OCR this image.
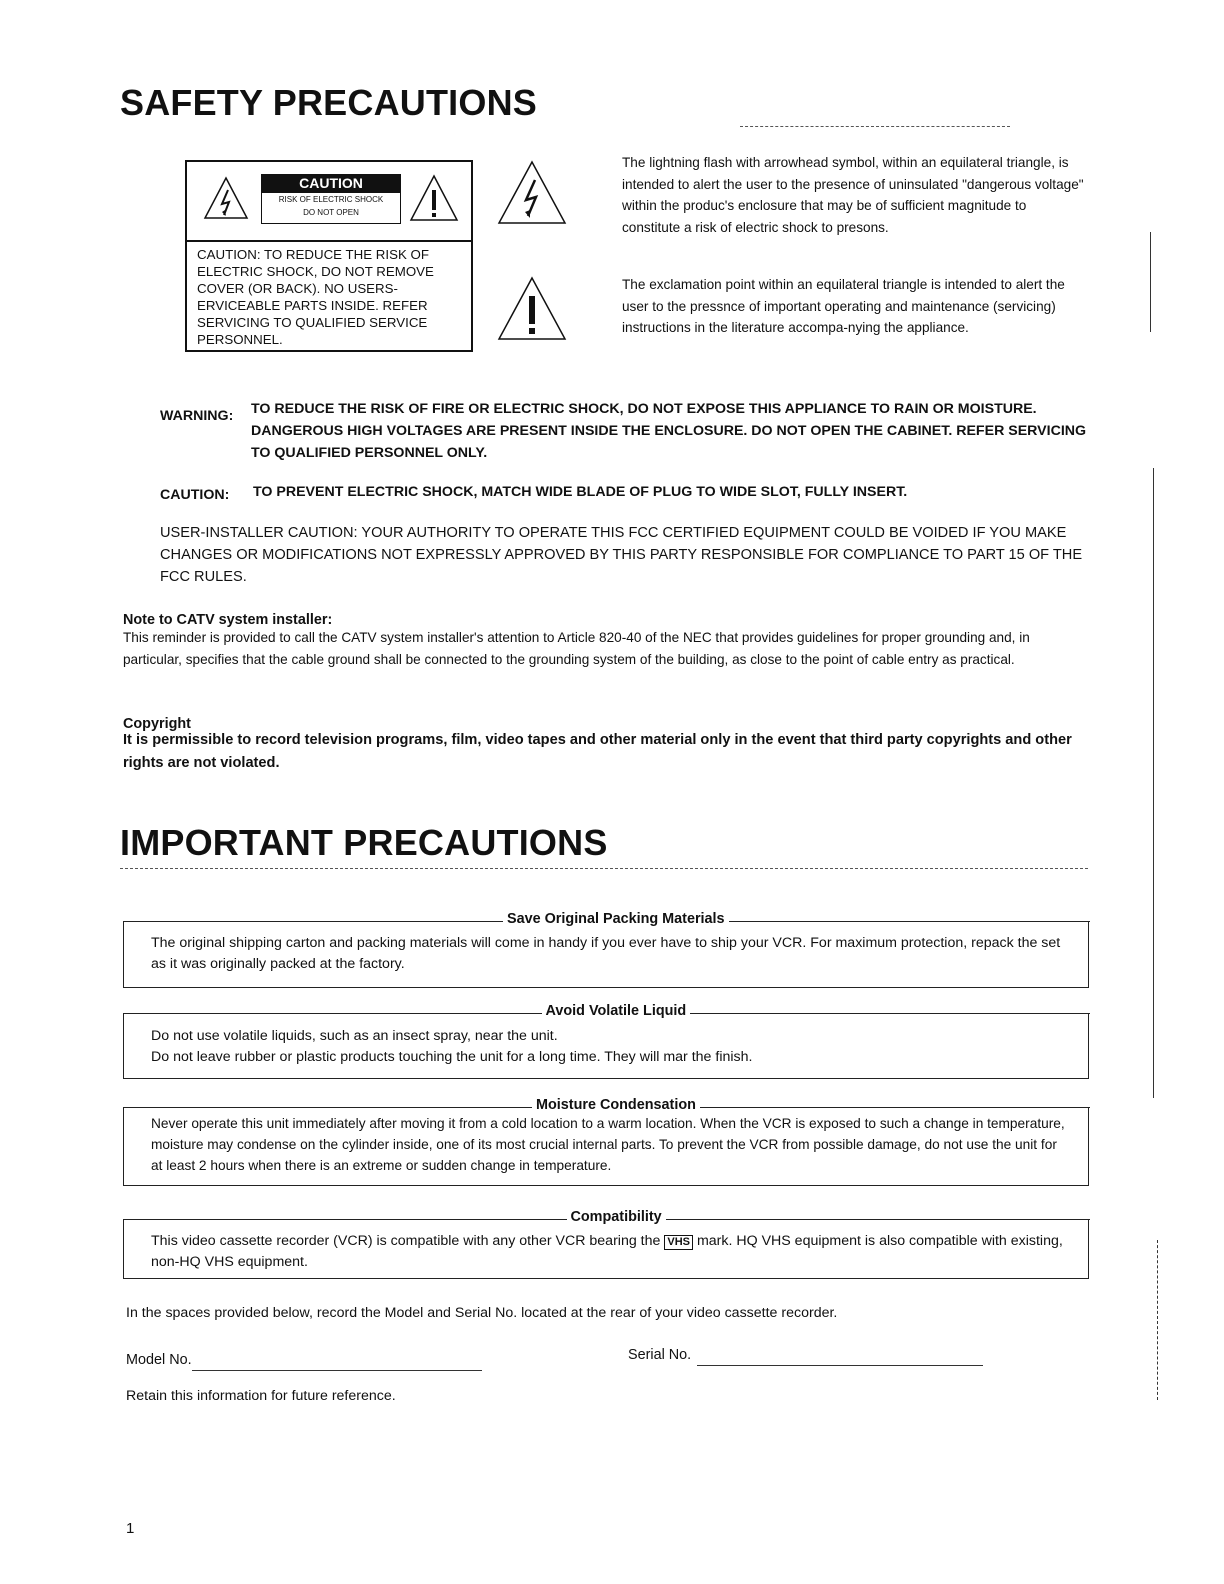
SAFETY PRECAUTIONS
CAUTION
RISK OF ELECTRIC SHOCK
DO NOT OPEN
CAUTION: TO REDUCE THE RISK OF ELECTRIC SHOCK, DO NOT REMOVE COVER (OR BACK). NO USERS-ERVICEABLE PARTS INSIDE. REFER SERVICING TO QUALIFIED SERVICE PERSONNEL.
The lightning flash with arrowhead symbol, within an equilateral triangle, is intended to alert the user to the presence of uninsulated "dangerous voltage" within the produc's enclosure that may be of sufficient magnitude to constitute a risk of electric shock to presons.
The exclamation point within an equilateral triangle is intended to alert the user to the pressnce of important operating and maintenance (servicing) instructions in the literature accompa-nying the appliance.
WARNING:	TO REDUCE THE RISK OF FIRE OR ELECTRIC SHOCK, DO NOT EXPOSE THIS APPLIANCE TO RAIN OR MOISTURE. DANGEROUS HIGH VOLTAGES ARE PRESENT INSIDE THE ENCLOSURE. DO NOT OPEN THE CABINET. REFER SERVICING TO QUALIFIED PERSONNEL ONLY.
CAUTION:	TO PREVENT ELECTRIC SHOCK, MATCH WIDE BLADE OF PLUG TO WIDE SLOT, FULLY INSERT.
USER-INSTALLER CAUTION: YOUR AUTHORITY TO OPERATE THIS FCC CERTIFIED EQUIPMENT COULD BE VOIDED IF YOU MAKE CHANGES OR MODIFICATIONS NOT EXPRESSLY APPROVED BY THIS PARTY RESPONSIBLE FOR COMPLIANCE TO PART 15 OF THE FCC RULES.
Note to CATV system installer:
This reminder is provided to call the CATV system installer's attention to Article 820-40 of the NEC that provides guidelines for proper grounding and, in particular, specifies that the cable ground shall be connected to the grounding system of the building, as close to the point of cable entry as practical.
Copyright
It is permissible to record television programs, film, video tapes and other material only in the event that third party copyrights and other rights are not violated.
IMPORTANT PRECAUTIONS
Save Original Packing Materials
The original shipping carton and packing materials will come in handy if you ever have to ship your VCR. For maximum protection, repack the set as it was originally packed at the factory.
Avoid Volatile Liquid
Do not use volatile liquids, such as an insect spray, near the unit.
Do not leave rubber or plastic products touching the unit for a long time. They will mar the finish.
Moisture Condensation
Never operate this unit immediately after moving it from a cold location to a warm location. When the VCR is exposed to such a change in temperature, moisture may condense on the cylinder inside, one of its most crucial internal parts. To prevent the VCR from possible damage, do not use the unit for at least 2 hours when there is an extreme or sudden change in temperature.
Compatibility
This video cassette recorder (VCR) is compatible with any other VCR bearing the VHS mark. HQ VHS equipment is also compatible with existing, non-HQ VHS equipment.
In the spaces provided below, record the Model and Serial No. located at the rear of your video cassette recorder.
Model No.	Serial No.
Retain this information for future reference.
1
